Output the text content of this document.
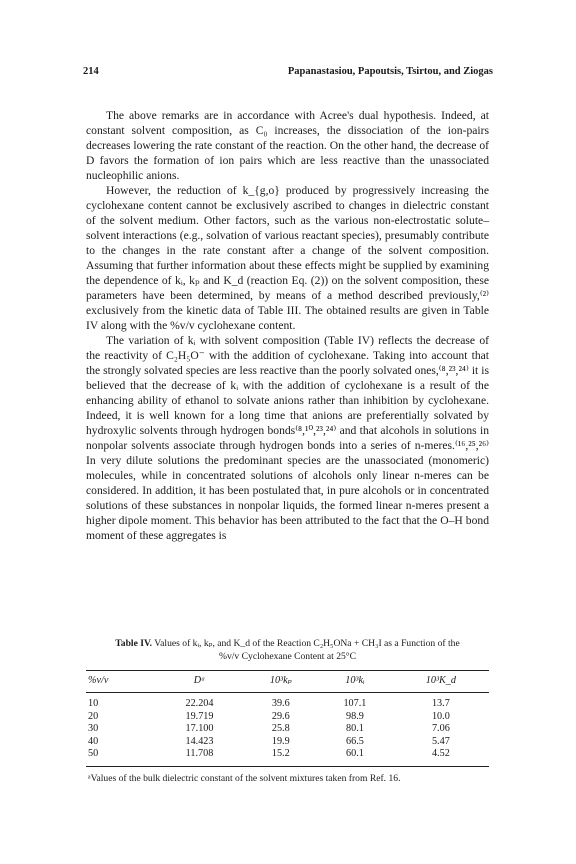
214	Papanastasiou, Papoutsis, Tsirtou, and Ziogas

The above remarks are in accordance with Acree's dual hypothesis. Indeed, at constant solvent composition, as C₀ increases, the dissociation of the ion-pairs decreases lowering the rate constant of the reaction. On the other hand, the decrease of D favors the formation of ion pairs which are less reactive than the unassociated nucleophilic anions.

However, the reduction of k_{g,o} produced by progressively increasing the cyclohexane content cannot be exclusively ascribed to changes in dielectric constant of the solvent medium. Other factors, such as the various non-electrostatic solute–solvent interactions (e.g., solvation of various reactant species), presumably contribute to the changes in the rate constant after a change of the solvent composition. Assuming that further information about these effects might be supplied by examining the dependence of kᵢ, kₚ and K_d (reaction Eq. (2)) on the solvent composition, these parameters have been determined, by means of a method described previously,⁽²⁾ exclusively from the kinetic data of Table III. The obtained results are given in Table IV along with the %v/v cyclohexane content.

The variation of kᵢ with solvent composition (Table IV) reflects the decrease of the reactivity of C₂H₅O⁻ with the addition of cyclohexane. Taking into account that the strongly solvated species are less reactive than the poorly solvated ones,⁽⁸,²³,²⁴⁾ it is believed that the decrease of kᵢ with the addition of cyclohexane is a result of the enhancing ability of ethanol to solvate anions rather than inhibition by cyclohexane. Indeed, it is well known for a long time that anions are preferentially solvated by hydroxylic solvents through hydrogen bonds⁽⁸,¹⁰,²³,²⁴⁾ and that alcohols in solutions in nonpolar solvents associate through hydrogen bonds into a series of n-meres.⁽¹⁶,²⁵,²⁶⁾ In very dilute solutions the predominant species are the unassociated (monomeric) molecules, while in concentrated solutions of alcohols only linear n-meres can be considered. In addition, it has been postulated that, in pure alcohols or in concentrated solutions of these substances in nonpolar liquids, the formed linear n-meres present a higher dipole moment. This behavior has been attributed to the fact that the O–H bond moment of these aggregates is

Table IV. Values of kᵢ, kₚ, and K_d of the Reaction C₂H₅ONa + CH₃I as a Function of the %v/v Cyclohexane Content at 25°C
%v/v	Dᵃ	10³kₚ	10³kᵢ	10³K_d
10	22.204	39.6	107.1	13.7
20	19.719	29.6	98.9	10.0
30	17.100	25.8	80.1	7.06
40	14.423	19.9	66.5	5.47
50	11.708	15.2	60.1	4.52
ᵃValues of the bulk dielectric constant of the solvent mixtures taken from Ref. 16.
